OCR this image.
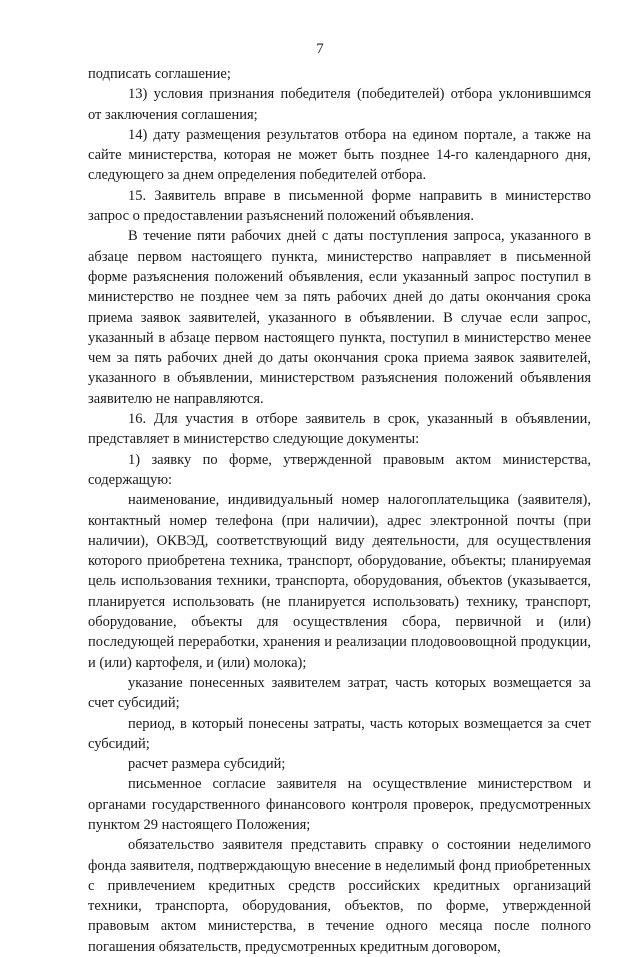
7

подписать соглашение;

13) условия признания победителя (победителей) отбора уклонившимся от заключения соглашения;

14) дату размещения результатов отбора на едином портале, а также на сайте министерства, которая не может быть позднее 14-го календарного дня, следующего за днем определения победителей отбора.

15. Заявитель вправе в письменной форме направить в министерство запрос о предоставлении разъяснений положений объявления.

В течение пяти рабочих дней с даты поступления запроса, указанного в абзаце первом настоящего пункта, министерство направляет в письменной форме разъяснения положений объявления, если указанный запрос поступил в министерство не позднее чем за пять рабочих дней до даты окончания срока приема заявок заявителей, указанного в объявлении. В случае если запрос, указанный в абзаце первом настоящего пункта, поступил в министерство менее чем за пять рабочих дней до даты окончания срока приема заявок заявителей, указанного в объявлении, министерством разъяснения положений объявления заявителю не направляются.

16. Для участия в отборе заявитель в срок, указанный в объявлении, представляет в министерство следующие документы:

1) заявку по форме, утвержденной правовым актом министерства, содержащую:

наименование, индивидуальный номер налогоплательщика (заявителя), контактный номер телефона (при наличии), адрес электронной почты (при наличии), ОКВЭД, соответствующий виду деятельности, для осуществления которого приобретена техника, транспорт, оборудование, объекты; планируемая цель использования техники, транспорта, оборудования, объектов (указывается, планируется использовать (не планируется использовать) технику, транспорт, оборудование, объекты для осуществления сбора, первичной и (или) последующей переработки, хранения и реализации плодовоовощной продукции, и (или) картофеля, и (или) молока);

указание понесенных заявителем затрат, часть которых возмещается за счет субсидий;

период, в который понесены затраты, часть которых возмещается за счет субсидий;

расчет размера субсидий;

письменное согласие заявителя на осуществление министерством и органами государственного финансового контроля проверок, предусмотренных пунктом 29 настоящего Положения;

обязательство заявителя представить справку о состоянии неделимого фонда заявителя, подтверждающую внесение в неделимый фонд приобретенных с привлечением кредитных средств российских кредитных организаций техники, транспорта, оборудования, объектов, по форме, утвержденной правовым актом министерства, в течение одного месяца после полного погашения обязательств, предусмотренных кредитным договором,
